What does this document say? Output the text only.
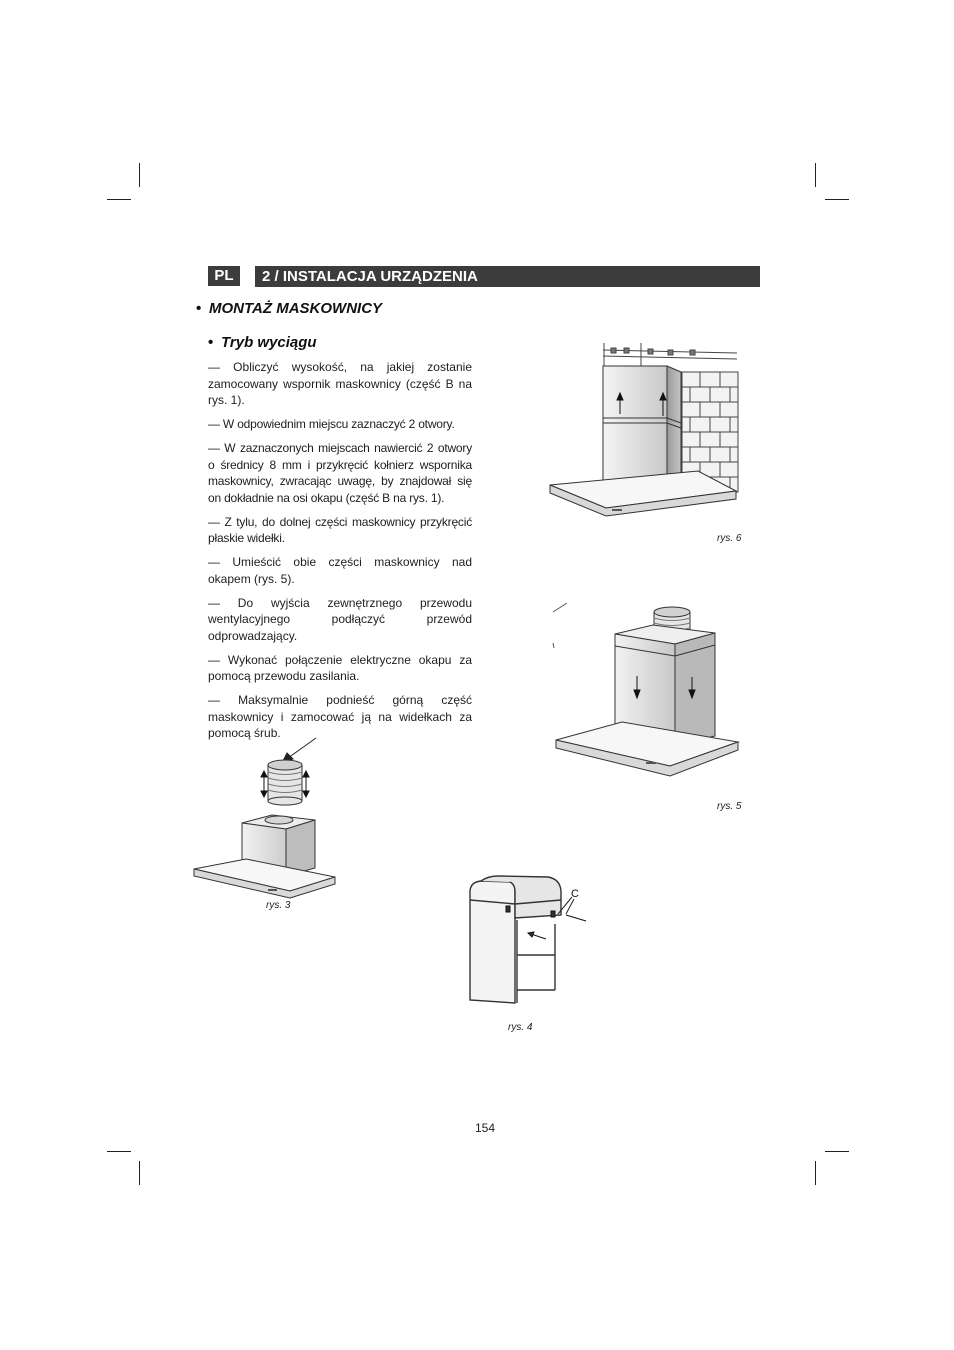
PL	2 / INSTALACJA URZĄDZENIA
• MONTAŻ MASKOWNICY
• Tryb wyciągu

— Obliczyć wysokość, na jakiej zostanie zamocowany wspornik maskownicy (część B na rys. 1).

— W odpowiednim miejscu zaznaczyć 2 otwory.

— W zaznaczonych miejscach nawiercić 2 otwory o średnicy 8 mm i przykręcić kołnierz wspornika maskownicy, zwracając uwagę, by znajdował się on dokładnie na osi okapu (część B na rys. 1).

— Z tylu, do dolnej części maskownicy przykręcić płaskie widełki.

— Umieścić obie części maskownicy nad okapem (rys. 5).

— Do wyjścia zewnętrznego przewodu wentylacyjnego podłączyć przewód odprowadzający.

— Wykonać połączenie elektryczne okapu za pomocą przewodu zasilania.

— Maksymalnie podnieść górną część maskownicy i zamocować ją na widełkach za pomocą śrub.

rys. 6
rys. 5
rys. 3
C
rys. 4
154
